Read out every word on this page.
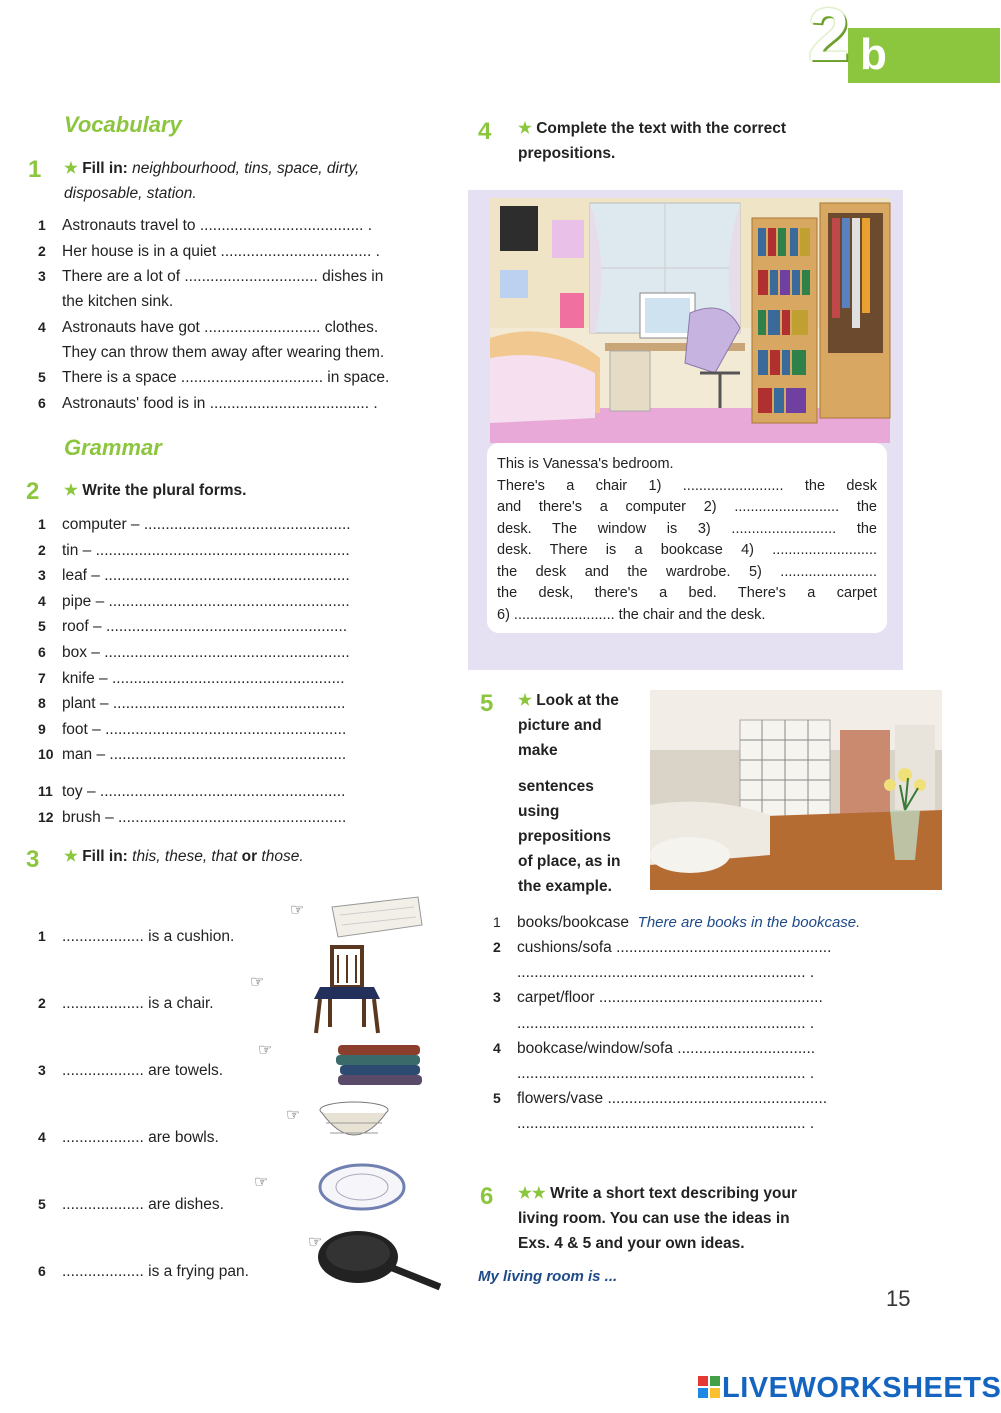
2 b
Vocabulary
1 ★ Fill in: neighbourhood, tins, space, dirty, disposable, station.
1 Astronauts travel to ...................................... .
2 Her house is in a quiet ................................... .
3 There are a lot of ............................... dishes in
the kitchen sink.
4 Astronauts have got ........................... clothes.
They can throw them away after wearing them.
5 There is a space ................................. in space.
6 Astronauts' food is in ..................................... .
Grammar
2 ★ Write the plural forms.
1 computer – ................................................
2 tin – ...........................................................
3 leaf – .........................................................
4 pipe – ........................................................
5 roof – ........................................................
6 box – .........................................................
7 knife – ......................................................
8 plant – ......................................................
9 foot – ........................................................
10 man – .......................................................
11 toy – .........................................................
12 brush – .....................................................
3 ★ Fill in: this, these, that or those.
1 ................... is a cushion.
2 ................... is a chair.
3 ................... are towels.
4 ................... are bowls.
5 ................... are dishes.
6 ................... is a frying pan.
☞
☞
☞
☞
☞
☞
4 ★ Complete the text with the correct prepositions.
This is Vanessa's bedroom.
There's a chair 1) ......................... the desk
and there's a computer 2) .......................... the
desk. The window is 3) .......................... the
desk. There is a bookcase 4) ..........................
the desk and the wardrobe. 5) ........................
the desk, there's a bed. There's a carpet
6) ......................... the chair and the desk.
5 ★ Look at the
picture and
make
sentences
using
prepositions
of place, as in
the example.
1 books/bookcase There are books in the bookcase.
2 cushions/sofa ..................................................
................................................................... .
3 carpet/floor ....................................................
................................................................... .
4 bookcase/window/sofa ................................
................................................................... .
5 flowers/vase ...................................................
................................................................... .
6 ★★ Write a short text describing your
living room. You can use the ideas in
Exs. 4 & 5 and your own ideas.
My living room is ...
15
LIVEWORKSHEETS
